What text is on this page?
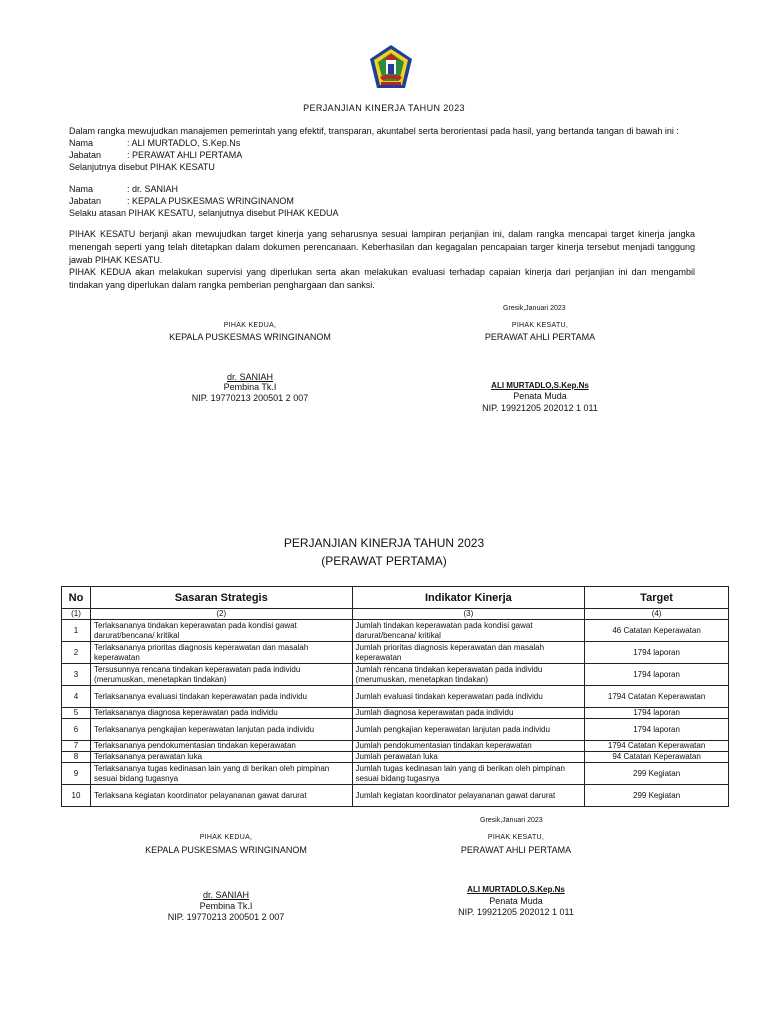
PERJANJIAN KINERJA TAHUN 2023
Dalam rangka mewujudkan manajemen pemerintah yang efektif, transparan, akuntabel serta berorientasi pada hasil, yang bertanda tangan di bawah ini :
Nama	: ALI MURTADLO, S.Kep.Ns
Jabatan	: PERAWAT AHLI PERTAMA
Selanjutnya disebut PIHAK KESATU
Nama	: dr. SANIAH
Jabatan	: KEPALA PUSKESMAS WRINGINANOM
Selaku atasan PIHAK KESATU, selanjutnya disebut PIHAK KEDUA
PIHAK KESATU berjanji akan mewujudkan target kinerja yang seharusnya sesuai lampiran perjanjian ini, dalam rangka mencapai target kinerja jangka menengah seperti yang telah ditetapkan dalam dokumen perencanaan. Keberhasilan dan kegagalan pencapaian targer kinerja tersebut menjadi tanggung jawab PIHAK KESATU.
PIHAK KEDUA akan melakukan supervisi yang diperlukan serta akan melakukan evaluasi terhadap capaian kinerja dari perjanjian ini dan mengambil tindakan yang diperlukan dalam rangka pemberian penghargaan dan sanksi.
Gresik,Januari 2023
PIHAK KEDUA,
KEPALA PUSKESMAS WRINGINANOM
dr. SANIAH
Pembina Tk.I
NIP. 19770213 200501 2 007
PIHAK KESATU,
PERAWAT AHLI PERTAMA
ALI MURTADLO,S.Kep.Ns
Penata Muda
NIP. 19921205 202012 1 011
PERJANJIAN KINERJA TAHUN 2023
(PERAWAT PERTAMA)
No	Sasaran Strategis	Indikator Kinerja	Target
(1)	(2)	(3)	(4)
1	Terlaksananya tindakan keperawatan pada kondisi gawat darurat/bencana/ kritikal	Jumlah tindakan keperawatan pada kondisi gawat darurat/bencana/ kritikal	46 Catatan Keperawatan
2	Terlaksananya prioritas diagnosis keperawatan dan masalah keperawatan	Jumlah prioritas diagnosis keperawatan dan masalah keperawatan	1794 laporan
3	Tersusunnya rencana tindakan keperawatan pada individu (merumuskan, menetapkan tindakan)	Jumlah rencana tindakan keperawatan pada individu (merumuskan, menetapkan tindakan)	1794 laporan
4	Terlaksananya evaluasi tindakan keperawatan pada individu	Jumlah evaluasi tindakan keperawatan pada individu	1794 Catatan Keperawatan
5	Terlaksananya diagnosa keperawatan pada individu	Jumlah diagnosa keperawatan pada individu	1794 laporan
6	Terlaksananya pengkajian keperawatan lanjutan pada individu	Jumlah pengkajian keperawatan lanjutan pada individu	1794 laporan
7	Terlaksananya pendokumentasian tindakan keperawatan	Jumlah pendokumentasian tindakan keperawatan	1794 Catatan Keperawatan
8	Terlaksananya perawatan luka	Jumlah perawatan luka	94 Catatan Keperawatan
9	Terlaksananya tugas kedinasan lain yang di berikan oleh pimpinan sesuai bidang tugasnya	Jumlah tugas kedinasan lain yang di berikan oleh pimpinan sesuai bidang tugasnya	299 Kegiatan
10	Terlaksana kegiatan koordinator pelayananan gawat darurat	Jumlah kegiatan koordinator pelayananan gawat darurat	299 Kegiatan
Gresik,Januari 2023
PIHAK KEDUA,
KEPALA PUSKESMAS WRINGINANOM
dr. SANIAH
Pembina Tk.I
NIP. 19770213 200501 2 007
PIHAK KESATU,
PERAWAT AHLI PERTAMA
ALI MURTADLO,S.Kep.Ns
Penata Muda
NIP. 19921205 202012 1 011
